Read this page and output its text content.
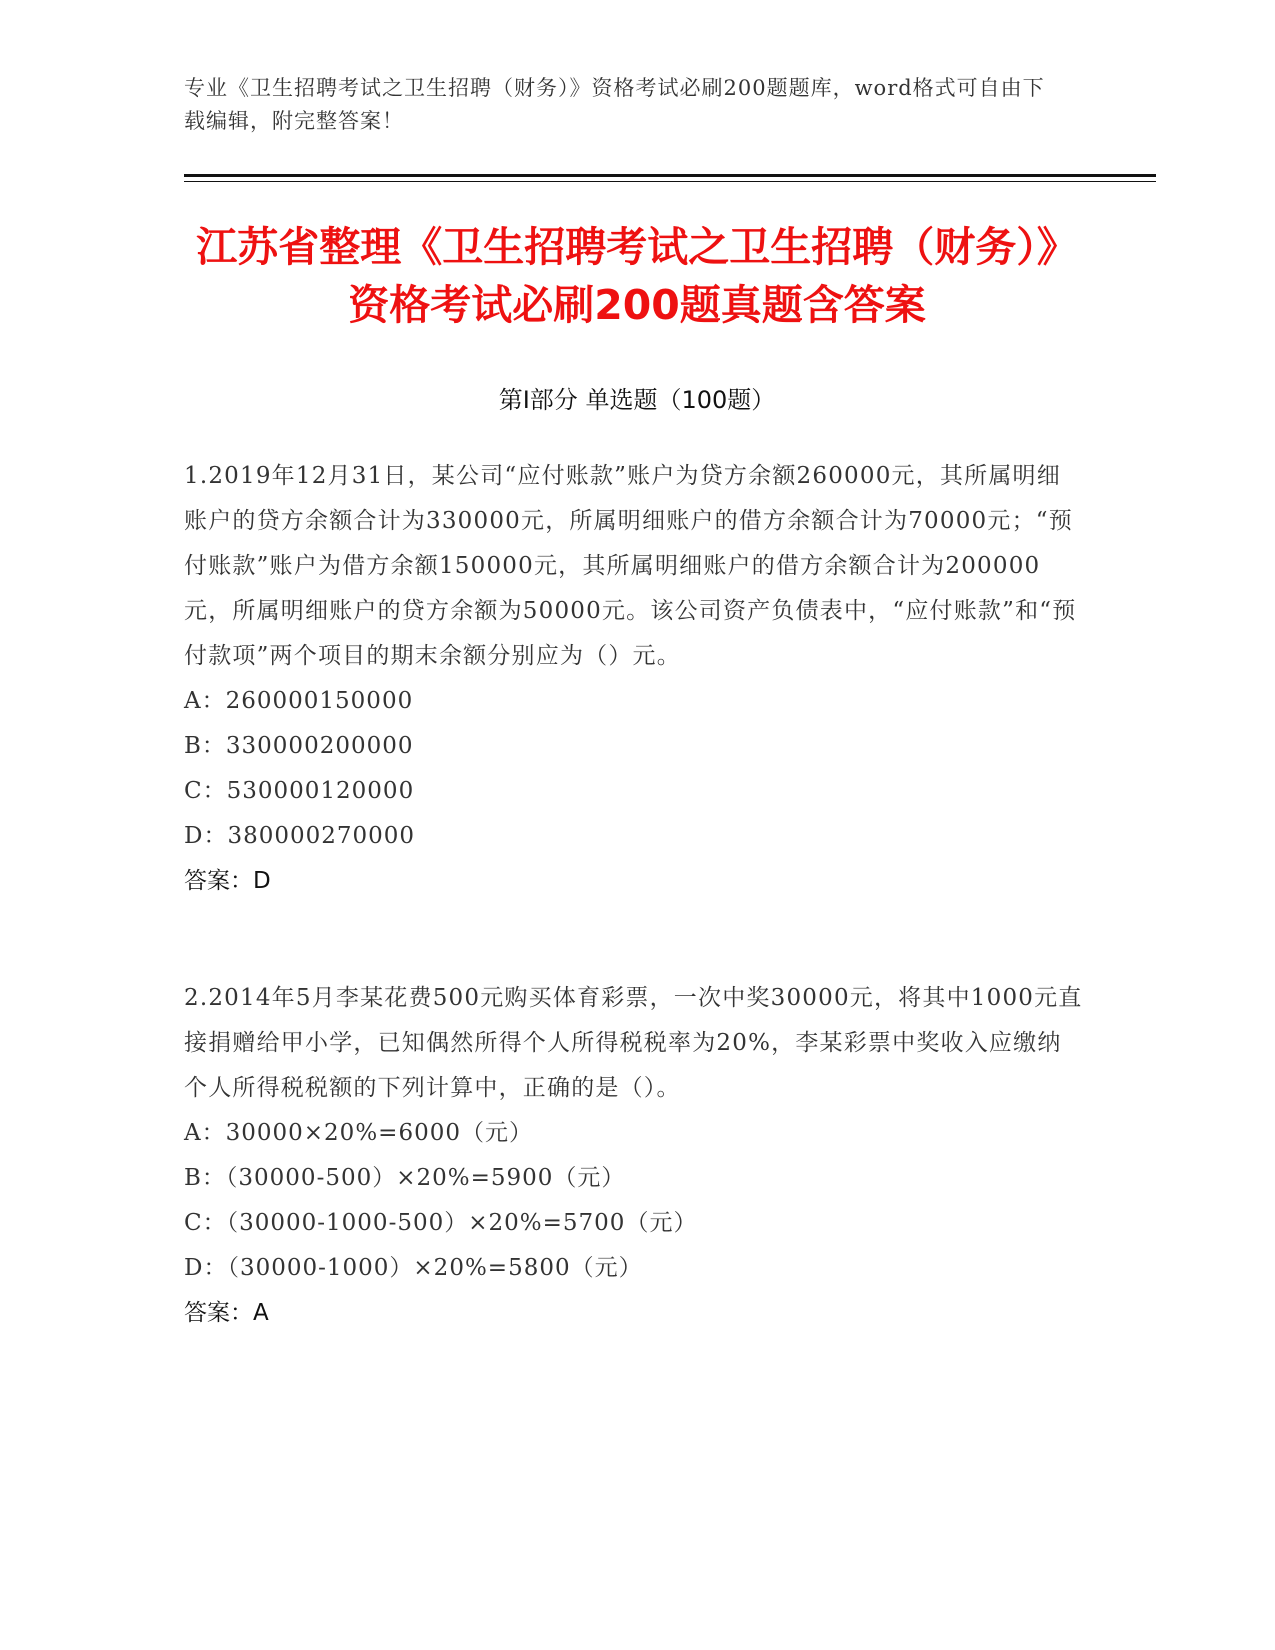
专业《卫生招聘考试之卫生招聘（财务）》资格考试必刷200题题库，word格式可自由下载编辑，附完整答案！
江苏省整理《卫生招聘考试之卫生招聘（财务）》资格考试必刷200题真题含答案
第Ⅰ部分 单选题（100题）

1.2019年12月31日，某公司“应付账款”账户为贷方余额260000元，其所属明细账户的贷方余额合计为330000元，所属明细账户的借方余额合计为70000元；“预付账款”账户为借方余额150000元，其所属明细账户的借方余额合计为200000元，所属明细账户的贷方余额为50000元。该公司资产负债表中，“应付账款”和“预付款项”两个项目的期末余额分别应为（）元。

A：260000150000

B：330000200000

C：530000120000

D：380000270000

答案：D

2.2014年5月李某花费500元购买体育彩票，一次中奖30000元，将其中1000元直接捐赠给甲小学，已知偶然所得个人所得税税率为20%，李某彩票中奖收入应缴纳个人所得税税额的下列计算中，正确的是（）。

A：30000×20%=6000（元）

B：（30000-500）×20%=5900（元）

C：（30000-1000-500）×20%=5700（元）

D：（30000-1000）×20%=5800（元）

答案：A
